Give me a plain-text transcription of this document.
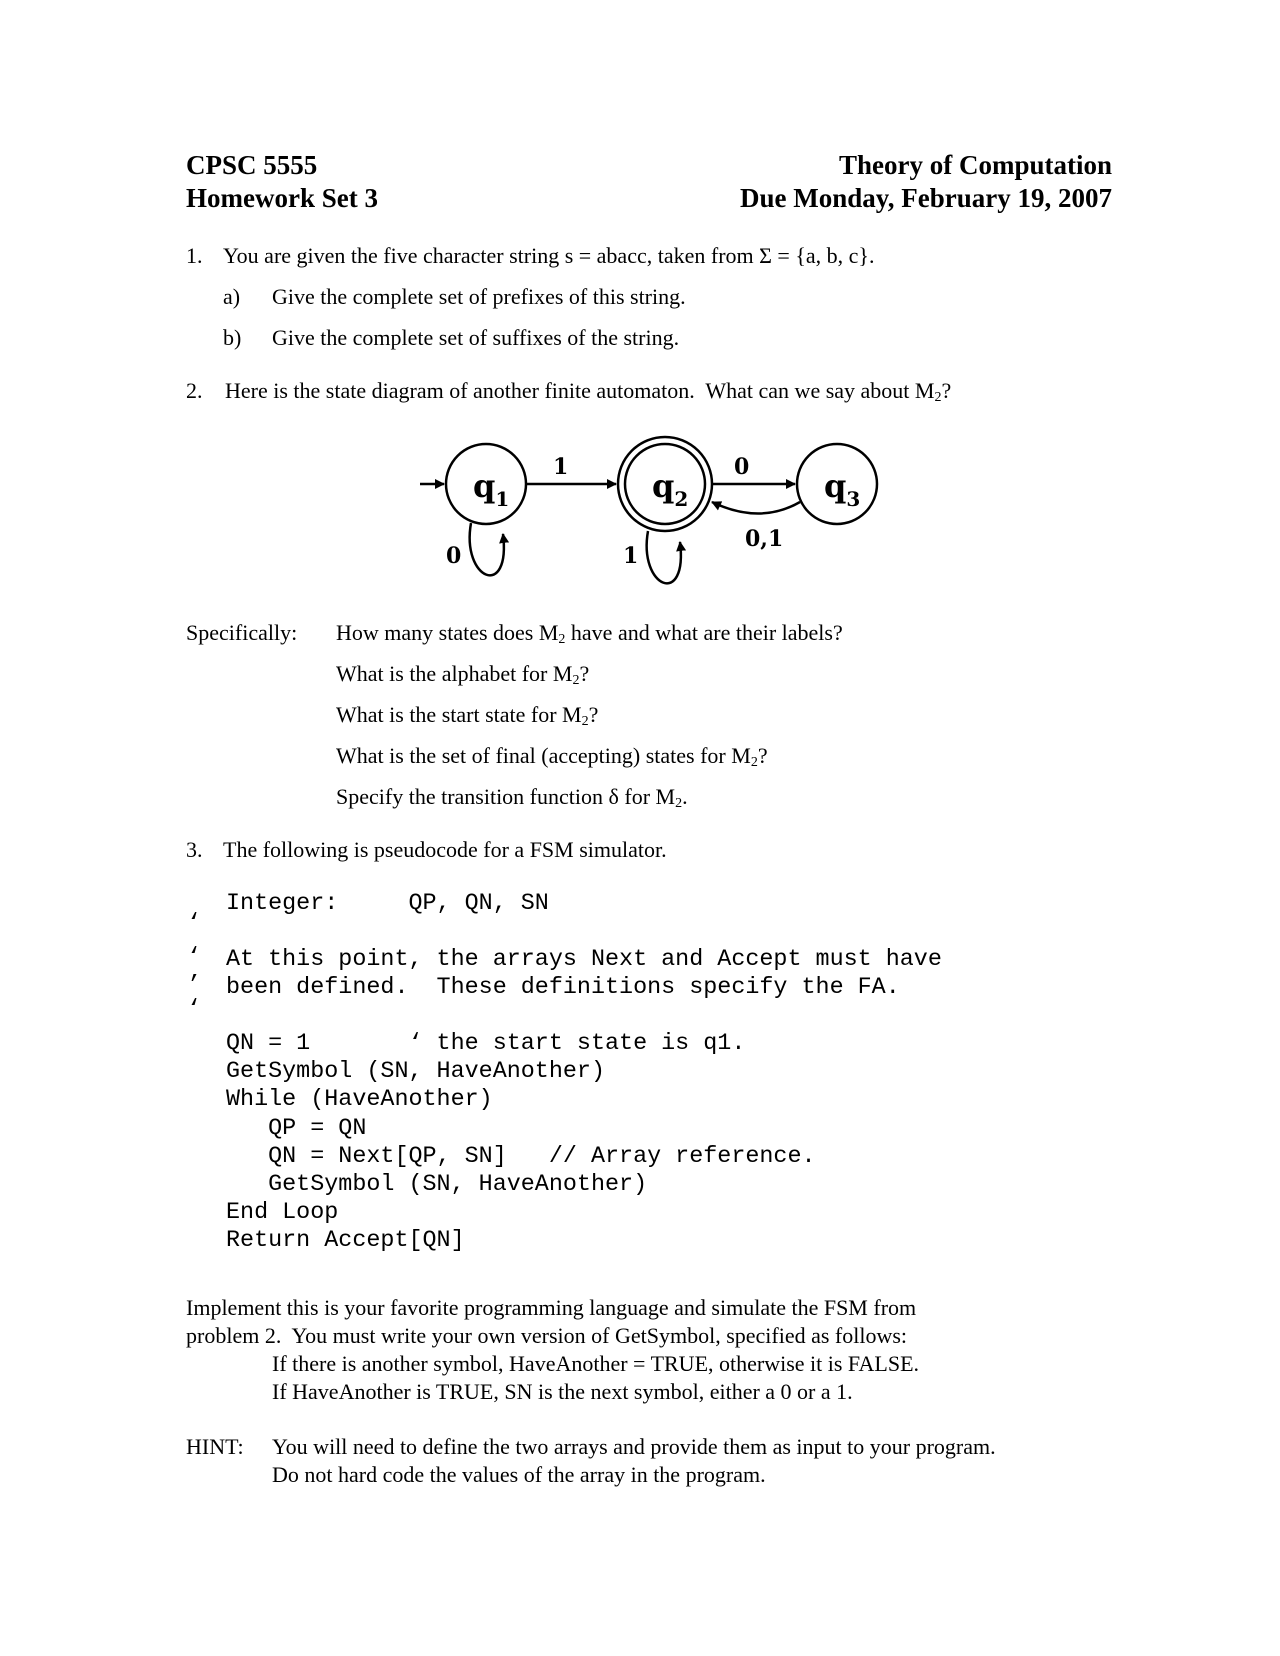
CPSC 5555	Theory of Computation
Homework Set 3	Due Monday, February 19, 2007
1. You are given the five character string s = abacc, taken from Σ = {a, b, c}.
a) Give the complete set of prefixes of this string.
b) Give the complete set of suffixes of the string.
2. Here is the state diagram of another finite automaton.  What can we say about $M_2$?
$q_1$	$q_2$	$q_3$
1	0
0,1
0	1
Specifically: How many states does $M_2$ have and what are their labels?
What is the alphabet for $M_2$?
What is the start state for $M_2$?
What is the set of final (accepting) states for $M_2$?
Specify the transition function δ for $M_2$.
3. The following is pseudocode for a FSM simulator.
Integer:     QP, QN, SN
‘
‘
’
‘
At this point, the arrays Next and Accept must have
been defined.  These definitions specify the FA.
QN = 1       ‘ the start state is q1.
GetSymbol (SN, HaveAnother)
While (HaveAnother)
QP = QN
QN = Next[QP, SN]   // Array reference.
GetSymbol (SN, HaveAnother)
End Loop
Return Accept[QN]
Implement this is your favorite programming language and simulate the FSM from
problem 2.  You must write your own version of GetSymbol, specified as follows:
If there is another symbol, HaveAnother = TRUE, otherwise it is FALSE.
If HaveAnother is TRUE, SN is the next symbol, either a 0 or a 1.
HINT: You will need to define the two arrays and provide them as input to your program.
Do not hard code the values of the array in the program.
